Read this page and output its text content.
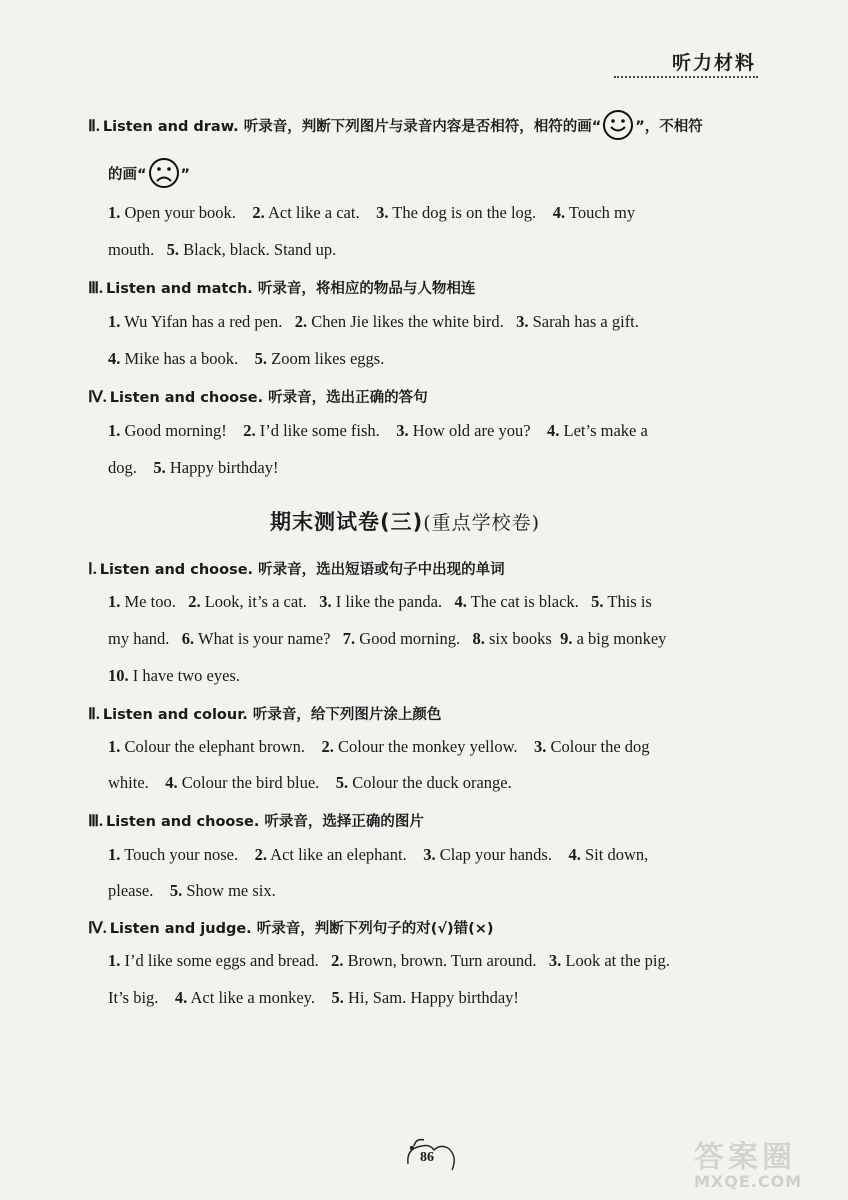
听力材料
Ⅱ. Listen and draw. 听录音，判断下列图片与录音内容是否相符，相符的画“ ”，不相符
的画“ ”
1. Open your book. 2. Act like a cat. 3. The dog is on the log. 4. Touch my
mouth. 5. Black, black. Stand up.
Ⅲ. Listen and match. 听录音，将相应的物品与人物相连
1. Wu Yifan has a red pen. 2. Chen Jie likes the white bird. 3. Sarah has a gift.
4. Mike has a book. 5. Zoom likes eggs.
Ⅳ. Listen and choose. 听录音，选出正确的答句
1. Good morning! 2. I’d like some fish. 3. How old are you? 4. Let’s make a
dog. 5. Happy birthday!
期末测试卷(三)(重点学校卷)
Ⅰ. Listen and choose. 听录音，选出短语或句子中出现的单词
1. Me too. 2. Look, it’s a cat. 3. I like the panda. 4. The cat is black. 5. This is
my hand. 6. What is your name? 7. Good morning. 8. six books 9. a big monkey
10. I have two eyes.
Ⅱ. Listen and colour. 听录音，给下列图片涂上颜色
1. Colour the elephant brown. 2. Colour the monkey yellow. 3. Colour the dog
white. 4. Colour the bird blue. 5. Colour the duck orange.
Ⅲ. Listen and choose. 听录音，选择正确的图片
1. Touch your nose. 2. Act like an elephant. 3. Clap your hands. 4. Sit down,
please. 5. Show me six.
Ⅳ. Listen and judge. 听录音，判断下列句子的对(√)错(×)
1. I’d like some eggs and bread. 2. Brown, brown. Turn around. 3. Look at the pig.
It’s big. 4. Act like a monkey. 5. Hi, Sam. Happy birthday!
86	答案圈
MXQE.COM
